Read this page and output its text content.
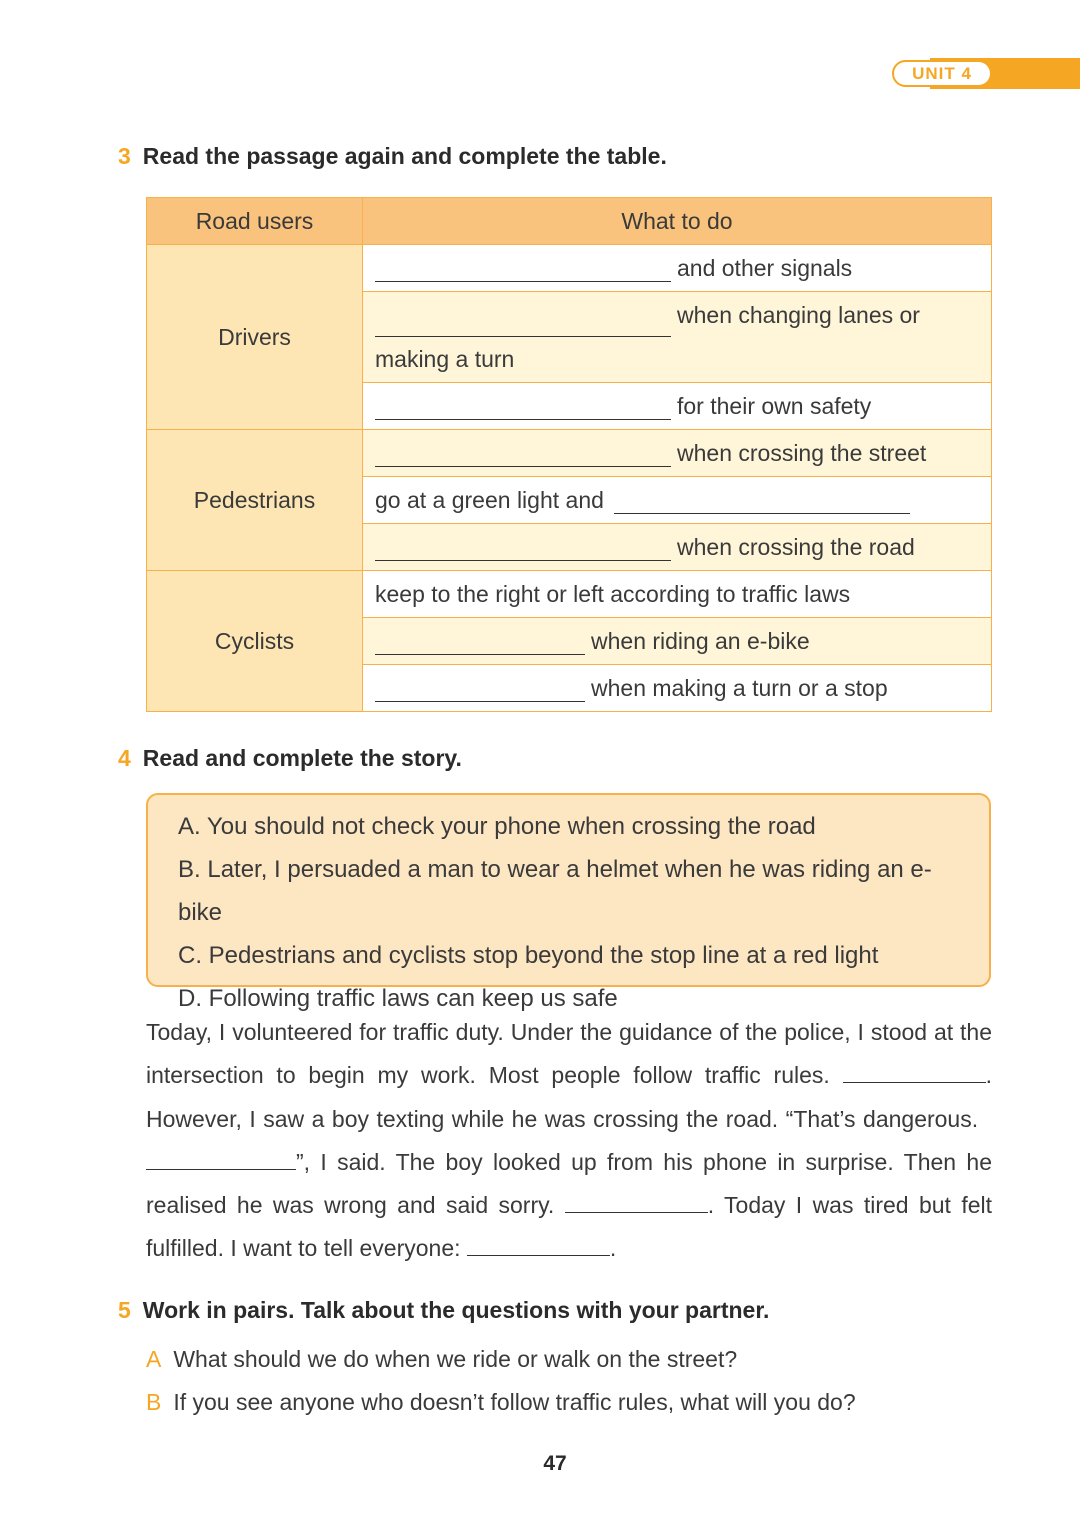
UNIT 4
3 Read the passage again and complete the table.
Road users	What to do
Drivers	and other signals
	when changing lanes or
making a turn
	for their own safety
Pedestrians	when crossing the street
	go at a green light and
	when crossing the road
Cyclists	keep to the right or left according to traffic laws
	when riding an e-bike
	when making a turn or a stop
4 Read and complete the story.
A. You should not check your phone when crossing the road
B. Later, I persuaded a man to wear a helmet when he was riding an e-bike
C. Pedestrians and cyclists stop beyond the stop line at a red light
D. Following traffic laws can keep us safe
Today, I volunteered for traffic duty. Under the guidance of the police, I stood at the intersection to begin my work. Most people follow traffic rules.	. However, I saw a boy texting while he was crossing the road. “That’s dangerous.  ”, I said. The boy looked up from his phone in surprise. Then he realised he was wrong and said sorry.	. Today I was tired but felt fulfilled. I want to tell everyone:	.
5 Work in pairs. Talk about the questions with your partner.
A What should we do when we ride or walk on the street?
B If you see anyone who doesn’t follow traffic rules, what will you do?
47
